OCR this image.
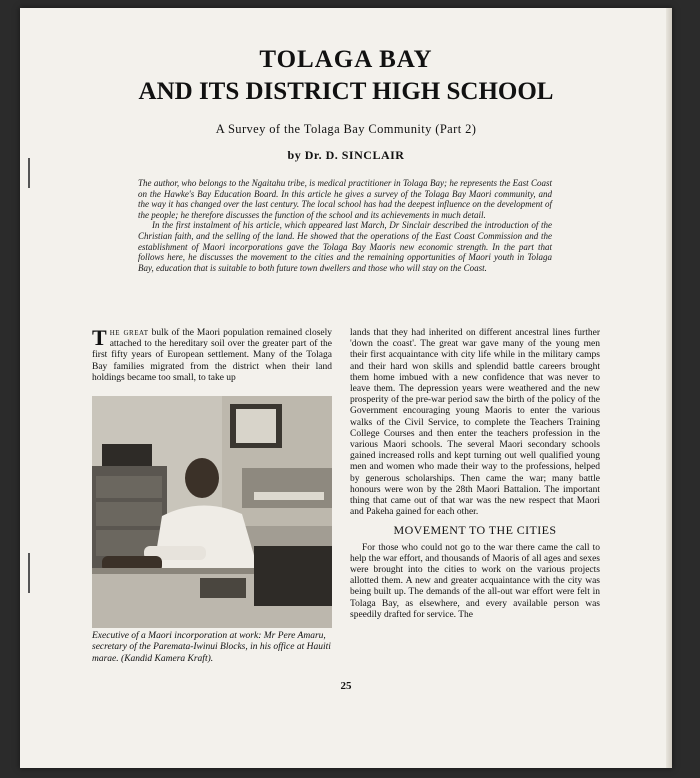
TOLAGA BAY
AND ITS DISTRICT HIGH SCHOOL
A Survey of the Tolaga Bay Community (Part 2)
by Dr. D. SINCLAIR

The author, who belongs to the Ngaitahu tribe, is medical practitioner in Tolaga Bay; he represents the East Coast on the Hawke's Bay Education Board. In this article he gives a survey of the Tolaga Bay Maori community, and the way it has changed over the last century. The local school has had the deepest influence on the development of the people; he therefore discusses the function of the school and its achievements in much detail.

In the first instalment of his article, which appeared last March, Dr Sinclair described the introduction of the Christian faith, and the selling of the land. He showed that the operations of the East Coast Commission and the establishment of Maori incorporations gave the Tolaga Bay Maoris new economic strength. In the part that follows here, he discusses the movement to the cities and the remaining opportunities of Maori youth in Tolaga Bay, education that is suitable to both future town dwellers and those who will stay on the Coast.

The great bulk of the Maori population remained closely attached to the hereditary soil over the greater part of the first fifty years of European settlement. Many of the Tolaga Bay families migrated from the district when their land holdings became too small, to take up

Executive of a Maori incorporation at work: Mr Pere Amaru, secretary of the Paremata-Iwinui Blocks, in his office at Hauiti marae. (Kandid Kamera Kraft).

lands that they had inherited on different ancestral lines further 'down the coast'. The great war gave many of the young men their first acquaintance with city life while in the military camps and their hard won skills and splendid battle careers brought them home imbued with a new confidence that was never to leave them. The depression years were weathered and the new prosperity of the pre-war period saw the birth of the policy of the Government encouraging young Maoris to enter the various walks of the Civil Service, to complete the Teachers Training College Courses and then enter the teachers profession in the various Maori schools. The several Maori secondary schools gained increased rolls and kept turning out well qualified young men and women who made their way to the professions, helped by generous scholarships. Then came the war; many battle honours were won by the 28th Maori Battalion. The important thing that came out of that war was the new respect that Maori and Pakeha gained for each other.

MOVEMENT TO THE CITIES

For those who could not go to the war there came the call to help the war effort, and thousands of Maoris of all ages and sexes were brought into the cities to work on the various projects allotted them. A new and greater acquaintance with the city was being built up. The demands of the all-out war effort were felt in Tolaga Bay, as elsewhere, and every available person was speedily drafted for service. The

25
